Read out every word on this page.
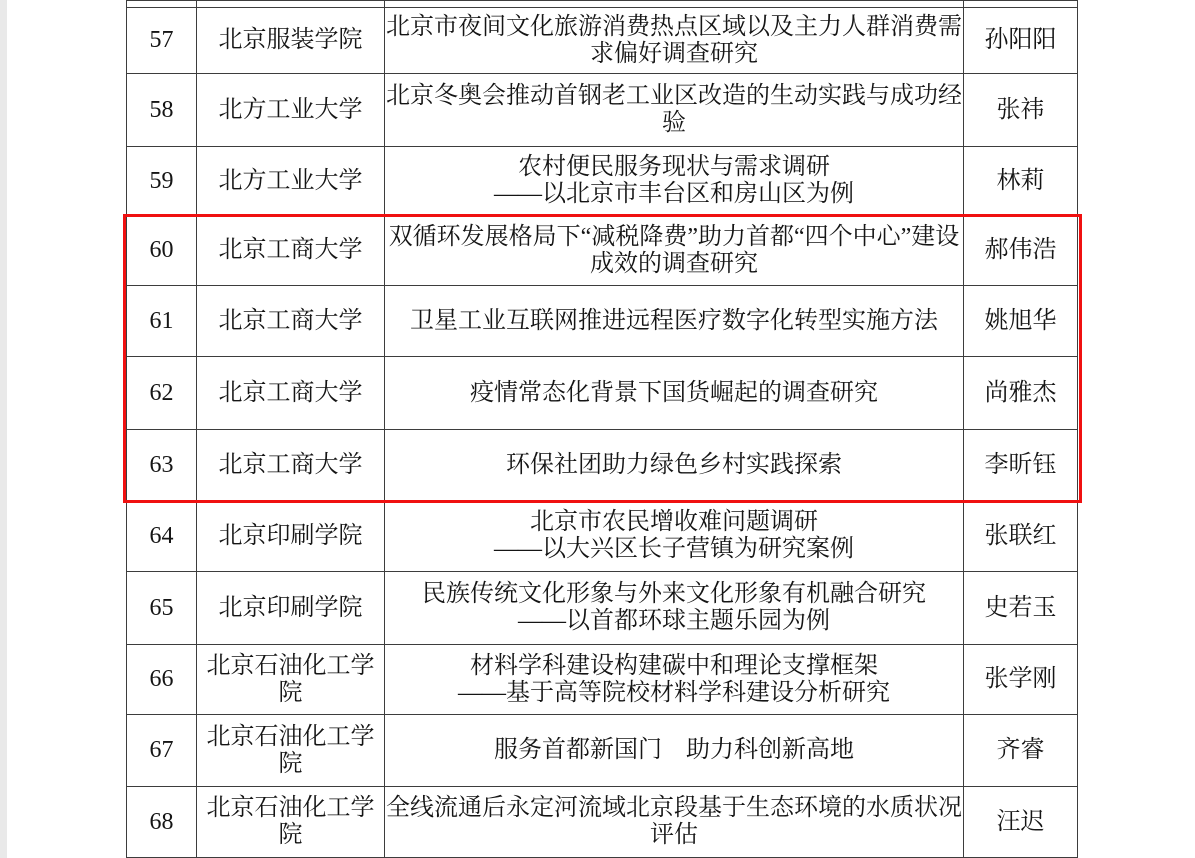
57	北京服装学院	北京市夜间文化旅游消费热点区域以及主力人群消费需求偏好调查研究	孙阳阳
58	北方工业大学	北京冬奥会推动首钢老工业区改造的生动实践与成功经验	张祎
59	北方工业大学	农村便民服务现状与需求调研
——以北京市丰台区和房山区为例	林莉
60	北京工商大学	双循环发展格局下“减税降费”助力首都“四个中心”建设成效的调查研究	郝伟浩
61	北京工商大学	卫星工业互联网推进远程医疗数字化转型实施方法	姚旭华
62	北京工商大学	疫情常态化背景下国货崛起的调查研究	尚雅杰
63	北京工商大学	环保社团助力绿色乡村实践探索	李昕钰
64	北京印刷学院	北京市农民增收难问题调研
——以大兴区长子营镇为研究案例	张联红
65	北京印刷学院	民族传统文化形象与外来文化形象有机融合研究
——以首都环球主题乐园为例	史若玉
66	北京石油化工学院	材料学科建设构建碳中和理论支撑框架
——基于高等院校材料学科建设分析研究	张学刚
67	北京石油化工学院	服务首都新国门　助力科创新高地	齐睿
68	北京石油化工学院	全线流通后永定河流域北京段基于生态环境的水质状况评估	汪迟
